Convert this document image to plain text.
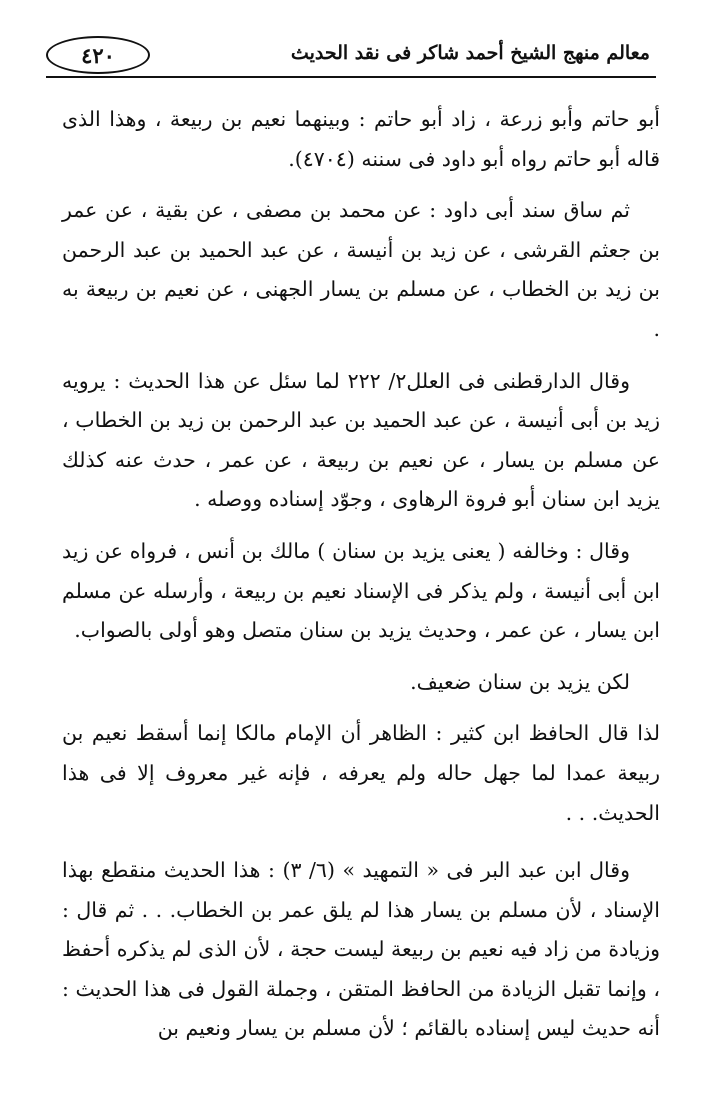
٤٢٠	معالم منهج الشيخ أحمد شاكر فى نقد الحديث

أبو حاتم وأبو زرعة ، زاد أبو حاتم : وبينهما نعيم بن ربيعة ، وهذا الذى قاله أبو حاتم رواه أبو داود فى سننه (٤٧٠٤).

ثم ساق سند أبى داود : عن محمد بن مصفى ، عن بقية ، عن عمر بن جعثم القرشى ، عن زيد بن أنيسة ، عن عبد الحميد بن عبد الرحمن بن زيد بن الخطاب ، عن مسلم بن يسار الجهنى ، عن نعيم بن ربيعة به .

وقال الدارقطنى فى العلل٢/ ٢٢٢ لما سئل عن هذا الحديث : يرويه زيد بن أبى أنيسة ، عن عبد الحميد بن عبد الرحمن بن زيد بن الخطاب ، عن مسلم بن يسار ، عن نعيم بن ربيعة ، عن عمر ، حدث عنه كذلك يزيد ابن سنان أبو فروة الرهاوى ، وجوّد إسناده ووصله .

وقال : وخالفه ( يعنى يزيد بن سنان ) مالك بن أنس ، فرواه عن زيد ابن أبى أنيسة ، ولم يذكر فى الإسناد نعيم بن ربيعة ، وأرسله عن مسلم ابن يسار ، عن عمر ، وحديث يزيد بن سنان متصل وهو أولى بالصواب.

لكن يزيد بن سنان ضعيف.

لذا قال الحافظ ابن كثير : الظاهر أن الإمام مالكا إنما أسقط نعيم بن ربيعة عمدا لما جهل حاله ولم يعرفه ، فإنه غير معروف إلا فى هذا الحديث. . .

وقال ابن عبد البر فى « التمهيد » (٦/ ٣) : هذا الحديث منقطع بهذا الإسناد ، لأن مسلم بن يسار هذا لم يلق عمر بن الخطاب. . . ثم قال : وزيادة من زاد فيه نعيم بن ربيعة ليست حجة ، لأن الذى لم يذكره أحفظ ، وإنما تقبل الزيادة من الحافظ المتقن ، وجملة القول فى هذا الحديث : أنه حديث ليس إسناده بالقائم ؛ لأن مسلم بن يسار ونعيم بن
